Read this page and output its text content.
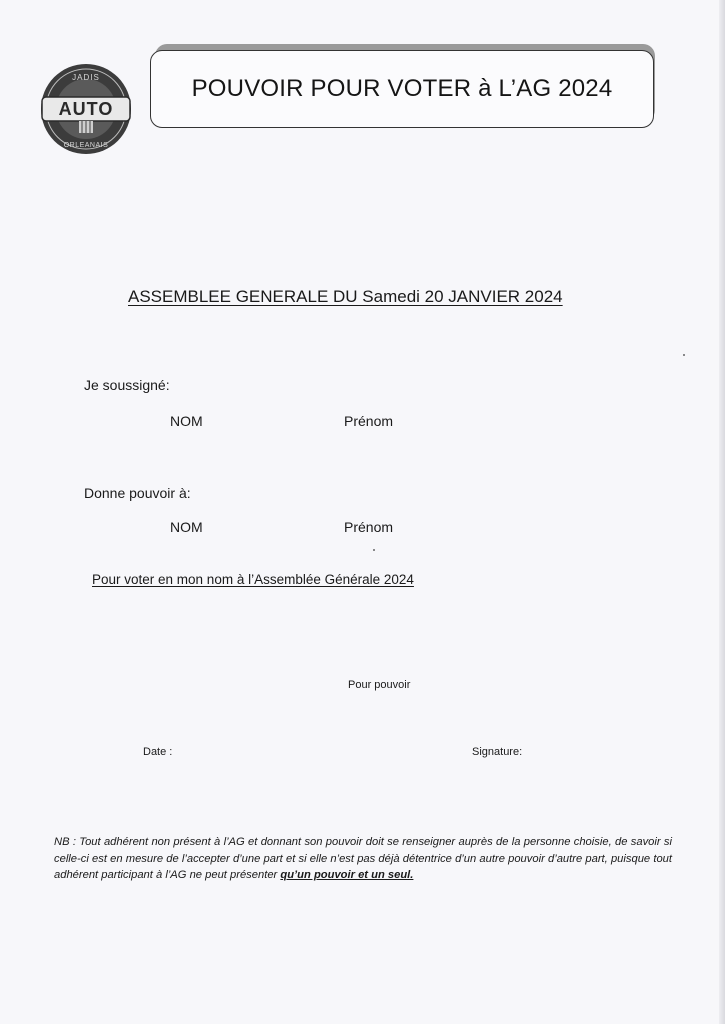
JADIS
AUTO
ORLEANAIS
POUVOIR POUR VOTER à L’AG 2024
ASSEMBLEE GENERALE DU Samedi 20 JANVIER 2024
Je soussigné:
NOM	Prénom
Donne pouvoir à:
NOM	Prénom
Pour voter en mon nom à l’Assemblée Générale 2024
Pour pouvoir
Date :	Signature:
NB : Tout adhérent non présent à l’AG et donnant son pouvoir doit se renseigner auprès de la personne choisie, de savoir si celle-ci est en mesure de l’accepter d’une part et si elle n’est pas déjà détentrice d’un autre pouvoir d’autre part, puisque tout adhérent participant à l’AG ne peut présenter qu’un pouvoir et un seul.
